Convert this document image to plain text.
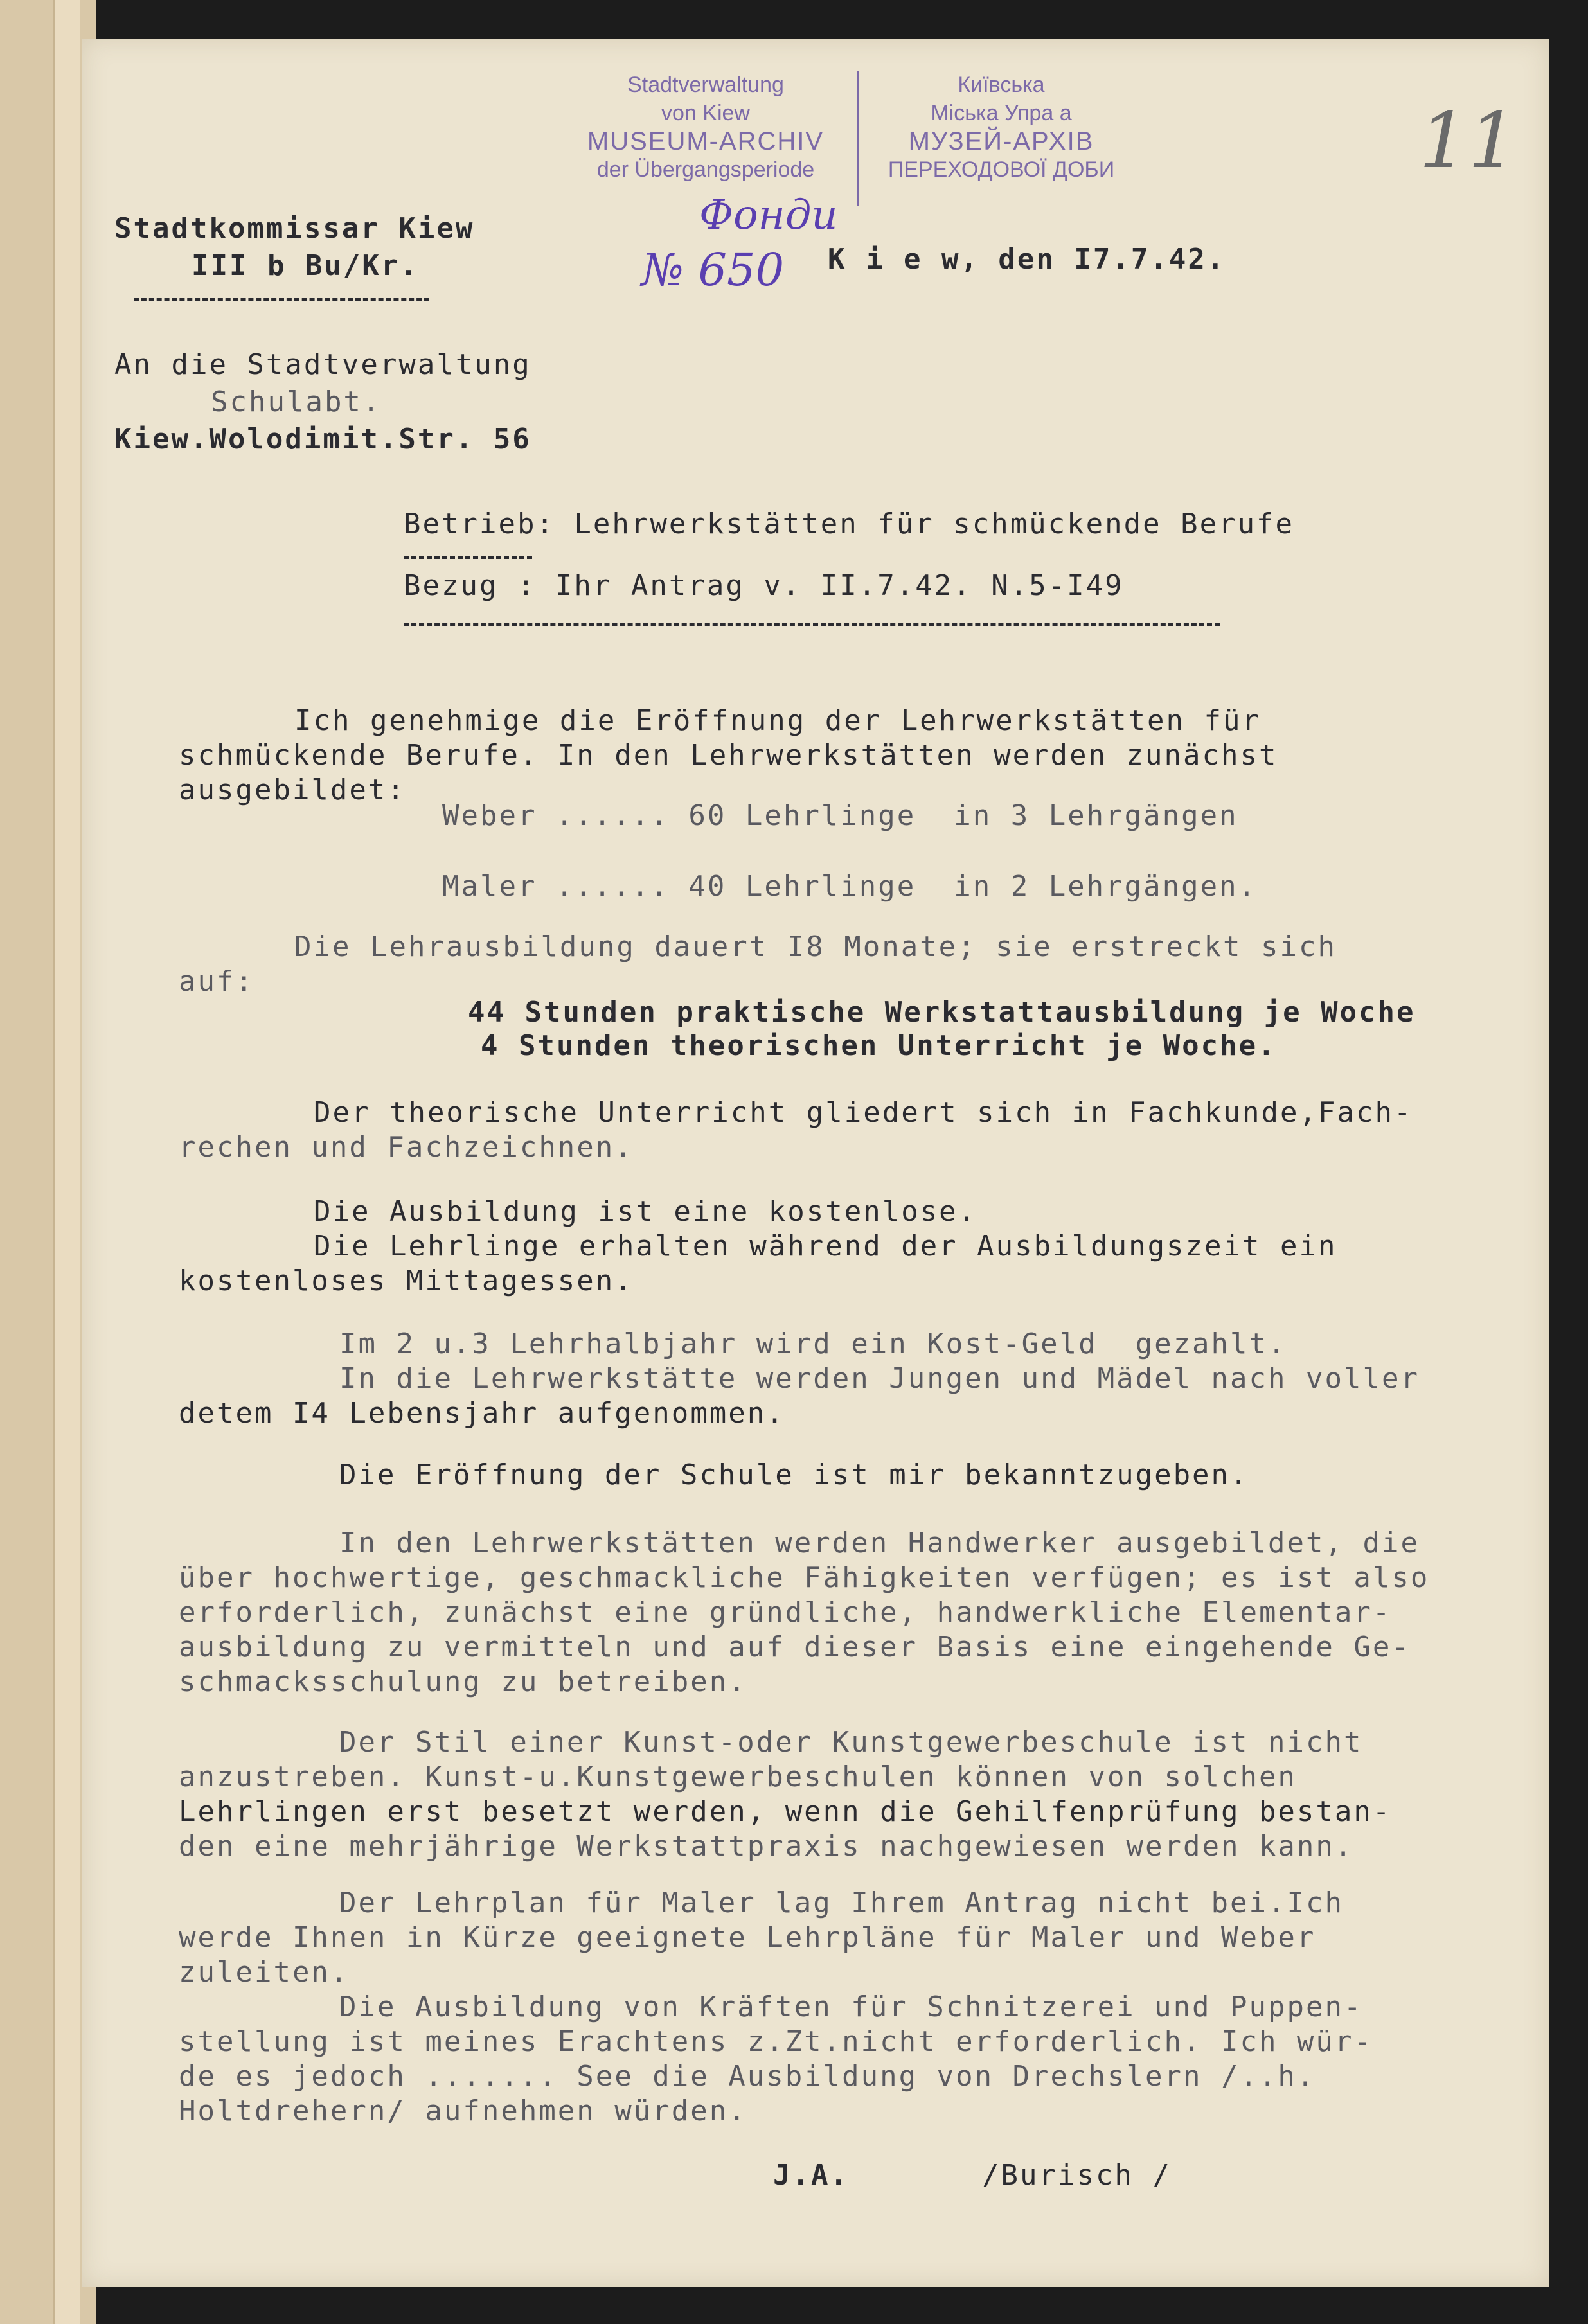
Stadtverwaltung
von Kiew
MUSEUM-ARCHIV
der Übergangsperiode
Київська
Міська Упра а
МУЗЕЙ-АРХІВ
ПЕРЕХОДОВОЇ ДОБИ
Фонди
№ 650
11
Stadtkommissar Kiew
III b Bu/Kr.	K i e w, den I7.7.42.
An die Stadtverwaltung
Schulabt.
Kiew.Wolodimit.Str. 56
Betrieb: Lehrwerkstätten für schmückende Berufe
Bezug : Ihr Antrag v. II.7.42. N.5-I49
Ich genehmige die Eröffnung der Lehrwerkstätten für
schmückende Berufe. In den Lehrwerkstätten werden zunächst
ausgebildet:
Weber ...... 60 Lehrlinge  in 3 Lehrgängen
Maler ...... 40 Lehrlinge  in 2 Lehrgängen.
Die Lehrausbildung dauert I8 Monate; sie erstreckt sich
auf:
44 Stunden praktische Werkstattausbildung je Woche
4 Stunden theorischen Unterricht je Woche.
Der theorische Unterricht gliedert sich in Fachkunde,Fach-
rechen und Fachzeichnen.
Die Ausbildung ist eine kostenlose.
Die Lehrlinge erhalten während der Ausbildungszeit ein
kostenloses Mittagessen.
Im 2 u.3 Lehrhalbjahr wird ein Kost-Geld  gezahlt.
In die Lehrwerkstätte werden Jungen und Mädel nach voller
detem I4 Lebensjahr aufgenommen.
Die Eröffnung der Schule ist mir bekanntzugeben.
In den Lehrwerkstätten werden Handwerker ausgebildet, die
über hochwertige, geschmackliche Fähigkeiten verfügen; es ist also
erforderlich, zunächst eine gründliche, handwerkliche Elementar-
ausbildung zu vermitteln und auf dieser Basis eine eingehende Ge-
schmacksschulung zu betreiben.
Der Stil einer Kunst-oder Kunstgewerbeschule ist nicht
anzustreben. Kunst-u.Kunstgewerbeschulen können von solchen
Lehrlingen erst besetzt werden, wenn die Gehilfenprüfung bestan-
den eine mehrjährige Werkstattpraxis nachgewiesen werden kann.
Der Lehrplan für Maler lag Ihrem Antrag nicht bei.Ich
werde Ihnen in Kürze geeignete Lehrpläne für Maler und Weber
zuleiten.
Die Ausbildung von Kräften für Schnitzerei und Puppen-
stellung ist meines Erachtens z.Zt.nicht erforderlich. Ich wür-
de es jedoch ....... See die Ausbildung von Drechslern /..h.
Holtdrehern/ aufnehmen würden.
J.A.	/Burisch /
